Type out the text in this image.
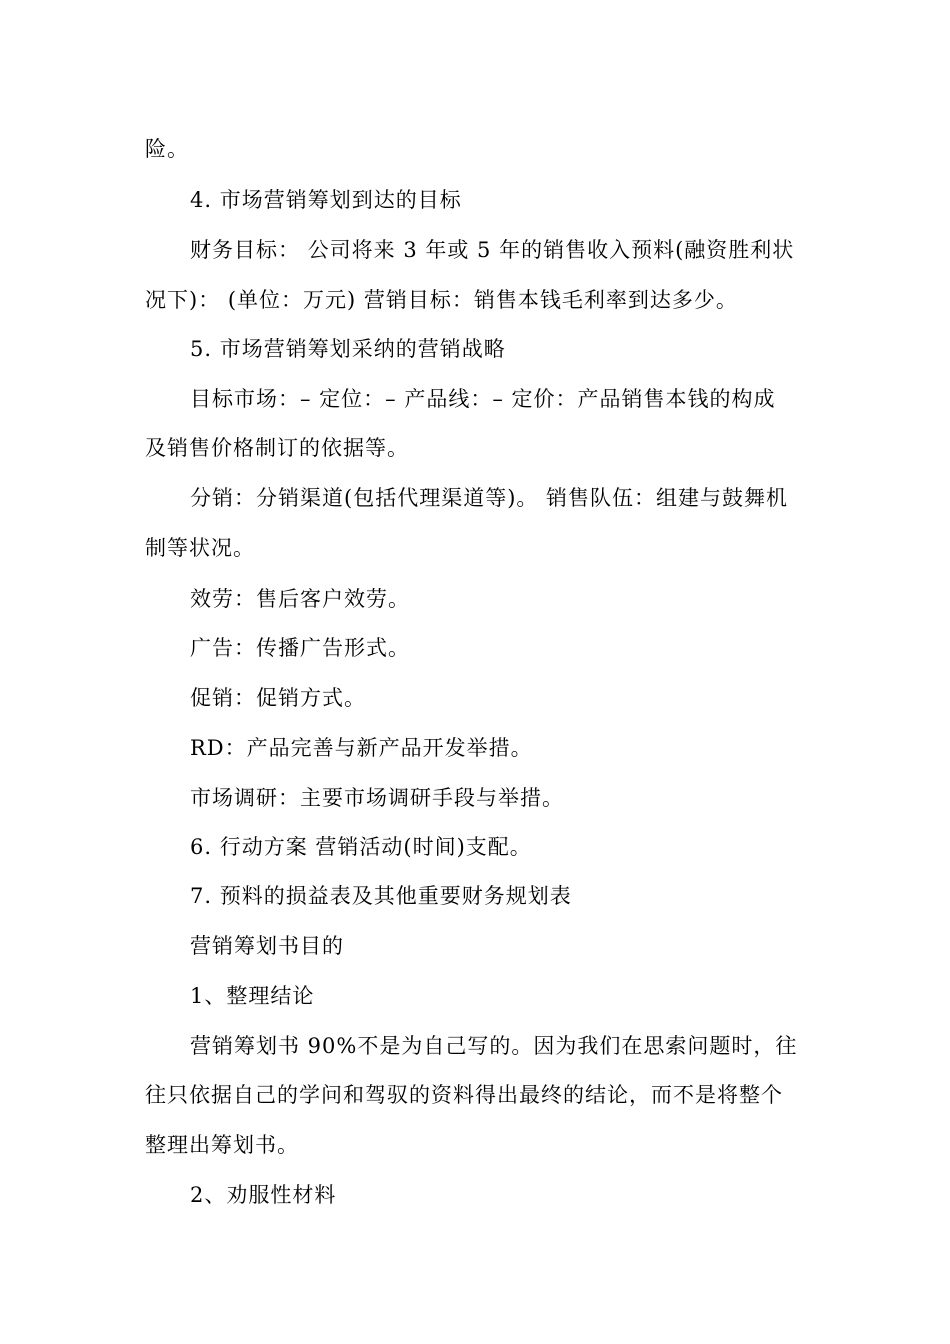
险。
4. 市场营销筹划到达的目标
财务目标： 公司将来 3 年或 5 年的销售收入预料(融资胜利状
况下)： (单位：万元) 营销目标：销售本钱毛利率到达多少。
5. 市场营销筹划采纳的营销战略
目标市场：– 定位：– 产品线：– 定价：产品销售本钱的构成
及销售价格制订的依据等。
分销：分销渠道(包括代理渠道等)。 销售队伍：组建与鼓舞机
制等状况。
效劳：售后客户效劳。
广告：传播广告形式。
促销：促销方式。
RD：产品完善与新产品开发举措。
市场调研：主要市场调研手段与举措。
6. 行动方案 营销活动(时间)支配。
7. 预料的损益表及其他重要财务规划表
营销筹划书目的
1、整理结论
营销筹划书 90%不是为自己写的。因为我们在思索问题时，往
往只依据自己的学问和驾驭的资料得出最终的结论，而不是将整个
整理出筹划书。
2、劝服性材料
